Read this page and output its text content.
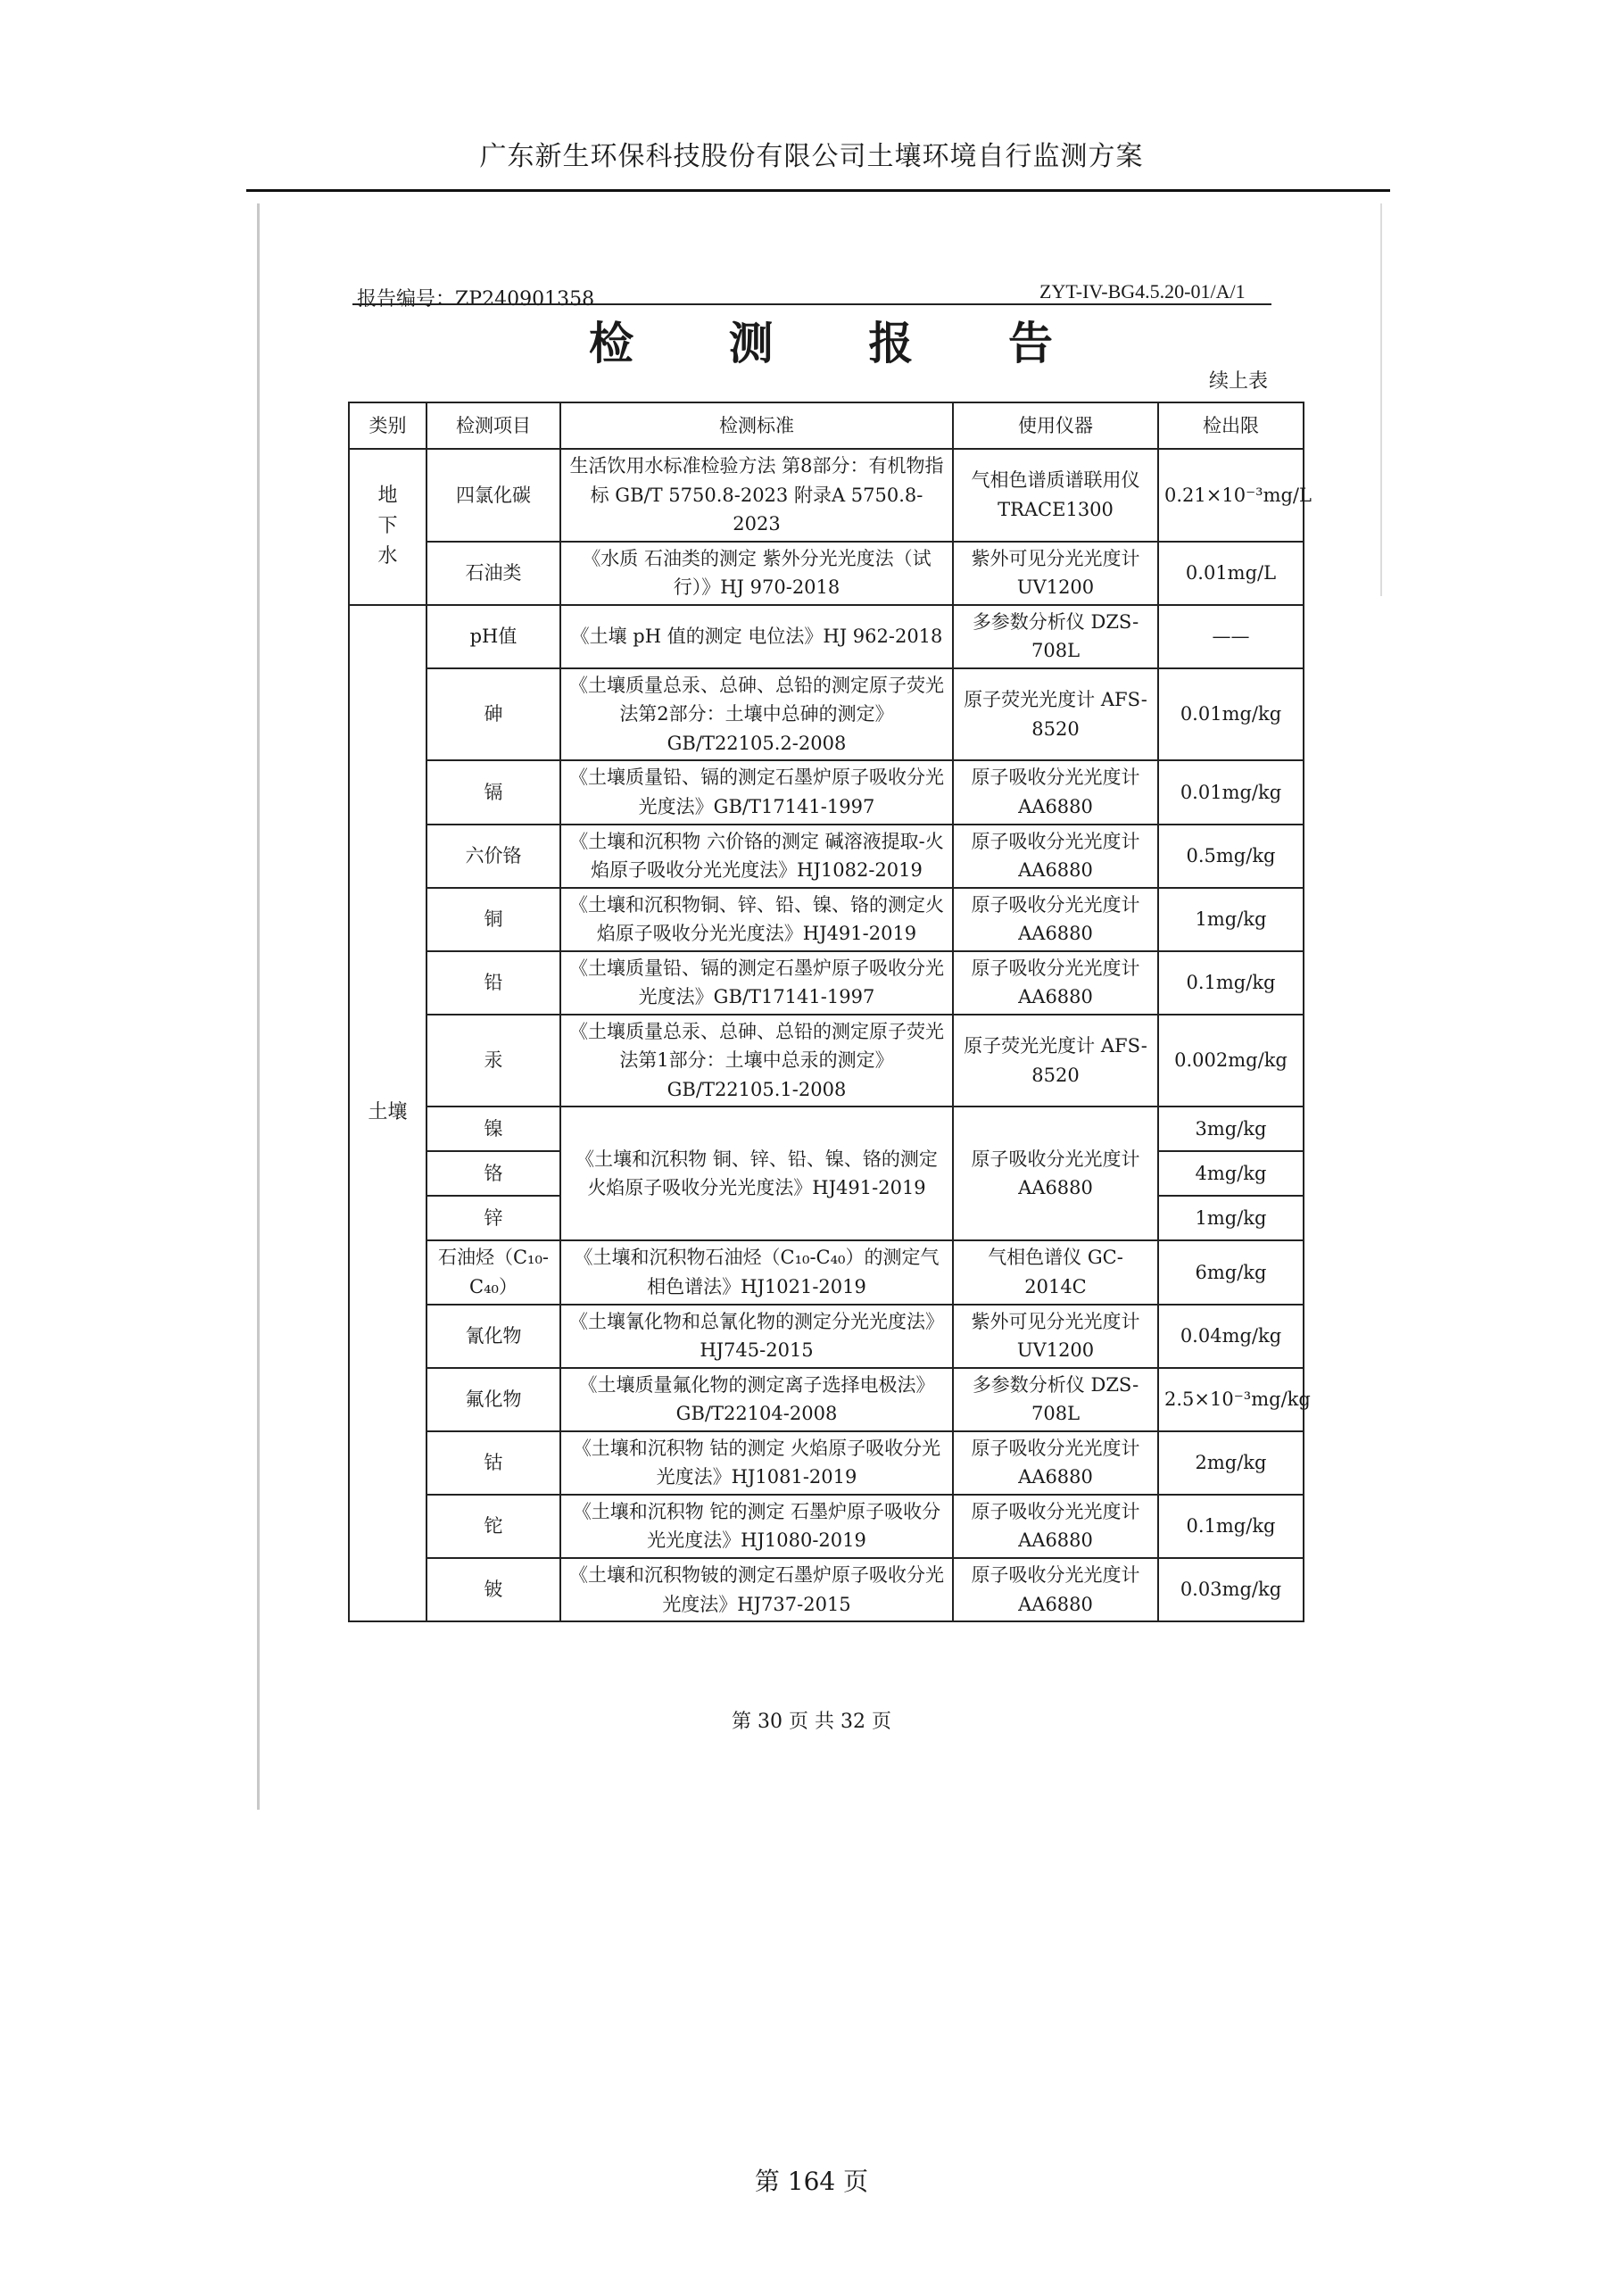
广东新生环保科技股份有限公司土壤环境自行监测方案
报告编号：ZP240901358	ZYT-IV-BG4.5.20-01/A/1
检 测 报 告
续上表
类别	检测项目	检测标准	使用仪器	检出限
地下水	四氯化碳	生活饮用水标准检验方法 第8部分：有机物指标 GB/T 5750.8-2023 附录A 5750.8-2023	气相色谱质谱联用仪 TRACE1300	0.21×10⁻³mg/L
	石油类	《水质 石油类的测定 紫外分光光度法（试行）》HJ 970-2018	紫外可见分光光度计 UV1200	0.01mg/L
土壤	pH值	《土壤 pH 值的测定 电位法》HJ 962-2018	多参数分析仪 DZS-708L	——
	砷	《土壤质量总汞、总砷、总铅的测定原子荧光法第2部分：土壤中总砷的测定》GB/T22105.2-2008	原子荧光光度计 AFS-8520	0.01mg/kg
	镉	《土壤质量铅、镉的测定石墨炉原子吸收分光光度法》GB/T17141-1997	原子吸收分光光度计 AA6880	0.01mg/kg
	六价铬	《土壤和沉积物 六价铬的测定 碱溶液提取-火焰原子吸收分光光度法》HJ1082-2019	原子吸收分光光度计 AA6880	0.5mg/kg
	铜	《土壤和沉积物铜、锌、铅、镍、铬的测定火焰原子吸收分光光度法》HJ491-2019	原子吸收分光光度计 AA6880	1mg/kg
	铅	《土壤质量铅、镉的测定石墨炉原子吸收分光光度法》GB/T17141-1997	原子吸收分光光度计 AA6880	0.1mg/kg
	汞	《土壤质量总汞、总砷、总铅的测定原子荧光法第1部分：土壤中总汞的测定》GB/T22105.1-2008	原子荧光光度计 AFS-8520	0.002mg/kg
	镍	《土壤和沉积物 铜、锌、铅、镍、铬的测定 火焰原子吸收分光光度法》HJ491-2019	原子吸收分光光度计 AA6880	3mg/kg
	铬			4mg/kg
	锌			1mg/kg
	石油烃（C₁₀-C₄₀）	《土壤和沉积物石油烃（C₁₀-C₄₀）的测定气相色谱法》HJ1021-2019	气相色谱仪 GC-2014C	6mg/kg
	氰化物	《土壤氰化物和总氰化物的测定分光光度法》HJ745-2015	紫外可见分光光度计 UV1200	0.04mg/kg
	氟化物	《土壤质量氟化物的测定离子选择电极法》GB/T22104-2008	多参数分析仪 DZS-708L	2.5×10⁻³mg/kg
	钴	《土壤和沉积物 钴的测定 火焰原子吸收分光光度法》HJ1081-2019	原子吸收分光光度计 AA6880	2mg/kg
	铊	《土壤和沉积物 铊的测定 石墨炉原子吸收分光光度法》HJ1080-2019	原子吸收分光光度计 AA6880	0.1mg/kg
	铍	《土壤和沉积物铍的测定石墨炉原子吸收分光光度法》HJ737-2015	原子吸收分光光度计 AA6880	0.03mg/kg
第 30 页 共 32 页
第 164 页
